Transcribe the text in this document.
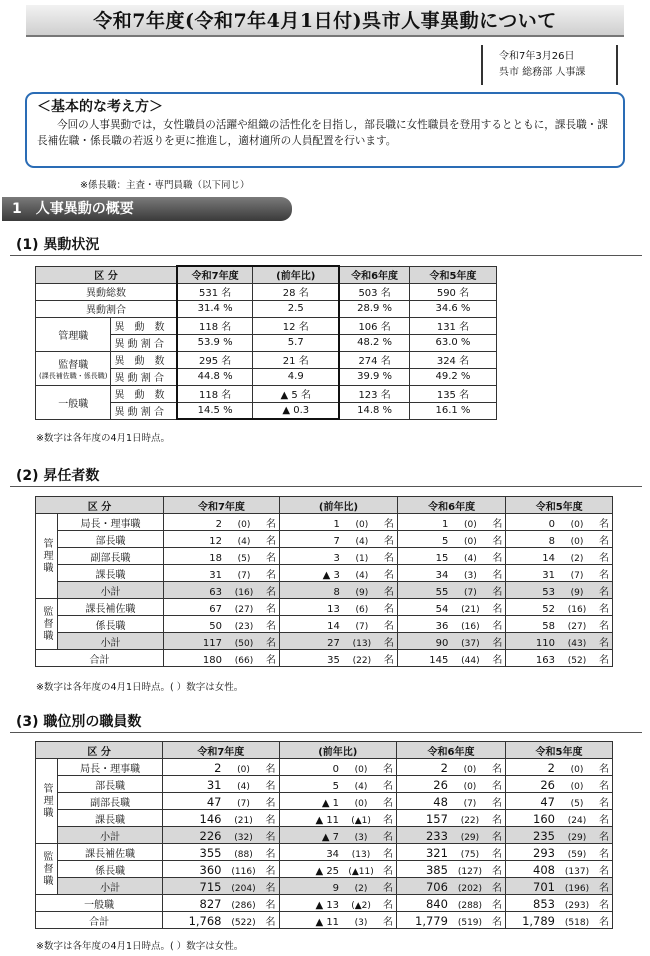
令和7年度(令和7年4月1日付)呉市人事異動について
令和7年3月26日
呉市 総務部 人事課
＜基本的な考え方＞

今回の人事異動では，女性職員の活躍や組織の活性化を目指し，部長職に女性職員を登用するとともに，課長職・課長補佐職・係長職の若返りを更に推進し，適材適所の人員配置を行います。

※係長職：主査・専門員職（以下同じ）
1　人事異動の概要
(1) 異動状況
区 分		令和7年度	(前年比)	令和6年度	令和5年度
異動総数		531 名	28 名	503 名	590 名
異動割合		31.4 %	2.5	28.9 %	34.6 %
管理職	異　動　数	118 名	12 名	106 名	131 名
	異 動 割 合	53.9 %	5.7	48.2 %	63.0 %

監督職
(課長補佐職・係長職)	異　動　数	295 名	21 名	274 名	324 名
	異 動 割 合	44.8 %	4.9	39.9 %	49.2 %
一般職	異　動　数	118 名	▲ 5 名	123 名	135 名
	異 動 割 合	14.5 %	▲ 0.3	14.8 %	16.1 %
※数字は各年度の4月1日時点。
(2) 昇任者数
区 分		令和7年度	(前年比)	令和6年度	令和5年度
管理職	局長・理事職	2 (0) 名	1 (0) 名	1 (0) 名	0 (0) 名
	部長職	12 (4) 名	7 (4) 名	5 (0) 名	8 (0) 名
	副部長職	18 (5) 名	3 (1) 名	15 (4) 名	14 (2) 名
	課長職	31 (7) 名	▲ 3 (4) 名	34 (3) 名	31 (7) 名
	小計	63 (16) 名	8 (9) 名	55 (7) 名	53 (9) 名
監督職	課長補佐職	67 (27) 名	13 (6) 名	54 (21) 名	52 (16) 名
	係長職	50 (23) 名	14 (7) 名	36 (16) 名	58 (27) 名
	小計	117 (50) 名	27 (13) 名	90 (37) 名	110 (43) 名
合計		180 (66) 名	35 (22) 名	145 (44) 名	163 (52) 名
※数字は各年度の4月1日時点。( ）数字は女性。
(3) 職位別の職員数
区 分		令和7年度	(前年比)	令和6年度	令和5年度
管理職	局長・理事職	2 (0) 名	0 (0) 名	2 (0) 名	2 (0) 名
	部長職	31 (4) 名	5 (4) 名	26 (0) 名	26 (0) 名
	副部長職	47 (7) 名	▲ 1 (0) 名	48 (7) 名	47 (5) 名
	課長職	146 (21) 名	▲ 11 (▲1) 名	157 (22) 名	160 (24) 名
	小計	226 (32) 名	▲ 7 (3) 名	233 (29) 名	235 (29) 名
監督職	課長補佐職	355 (88) 名	34 (13) 名	321 (75) 名	293 (59) 名
	係長職	360 (116) 名	▲ 25 (▲11) 名	385 (127) 名	408 (137) 名
	小計	715 (204) 名	9 (2) 名	706 (202) 名	701 (196) 名
一般職		827 (286) 名	▲ 13 (▲2) 名	840 (288) 名	853 (293) 名
合計		1,768 (522) 名	▲ 11 (3) 名	1,779 (519) 名	1,789 (518) 名
※数字は各年度の4月1日時点。( ）数字は女性。
